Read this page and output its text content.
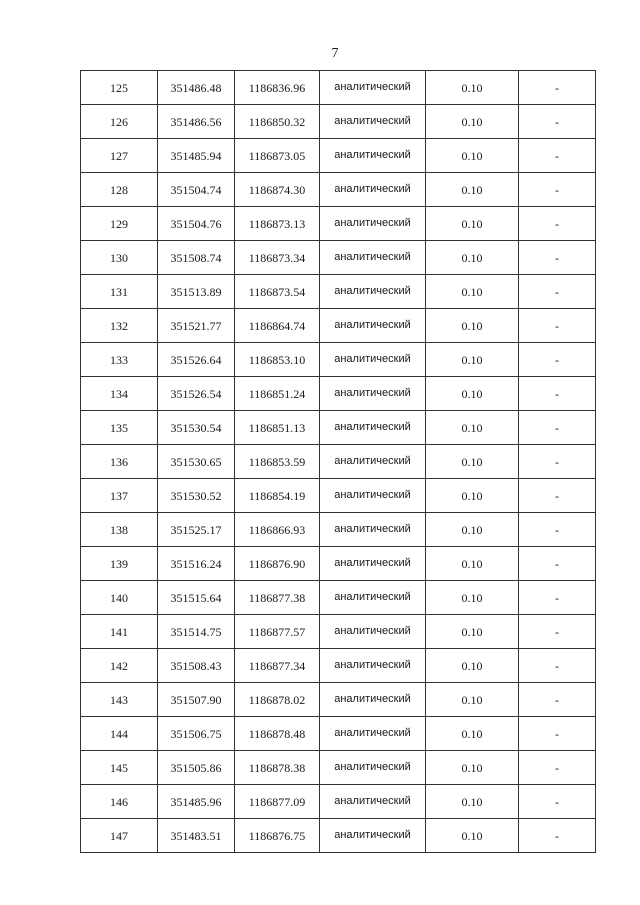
7
125	351486.48	1186836.96	аналитический	0.10	-
126	351486.56	1186850.32	аналитический	0.10	-
127	351485.94	1186873.05	аналитический	0.10	-
128	351504.74	1186874.30	аналитический	0.10	-
129	351504.76	1186873.13	аналитический	0.10	-
130	351508.74	1186873.34	аналитический	0.10	-
131	351513.89	1186873.54	аналитический	0.10	-
132	351521.77	1186864.74	аналитический	0.10	-
133	351526.64	1186853.10	аналитический	0.10	-
134	351526.54	1186851.24	аналитический	0.10	-
135	351530.54	1186851.13	аналитический	0.10	-
136	351530.65	1186853.59	аналитический	0.10	-
137	351530.52	1186854.19	аналитический	0.10	-
138	351525.17	1186866.93	аналитический	0.10	-
139	351516.24	1186876.90	аналитический	0.10	-
140	351515.64	1186877.38	аналитический	0.10	-
141	351514.75	1186877.57	аналитический	0.10	-
142	351508.43	1186877.34	аналитический	0.10	-
143	351507.90	1186878.02	аналитический	0.10	-
144	351506.75	1186878.48	аналитический	0.10	-
145	351505.86	1186878.38	аналитический	0.10	-
146	351485.96	1186877.09	аналитический	0.10	-
147	351483.51	1186876.75	аналитический	0.10	-
